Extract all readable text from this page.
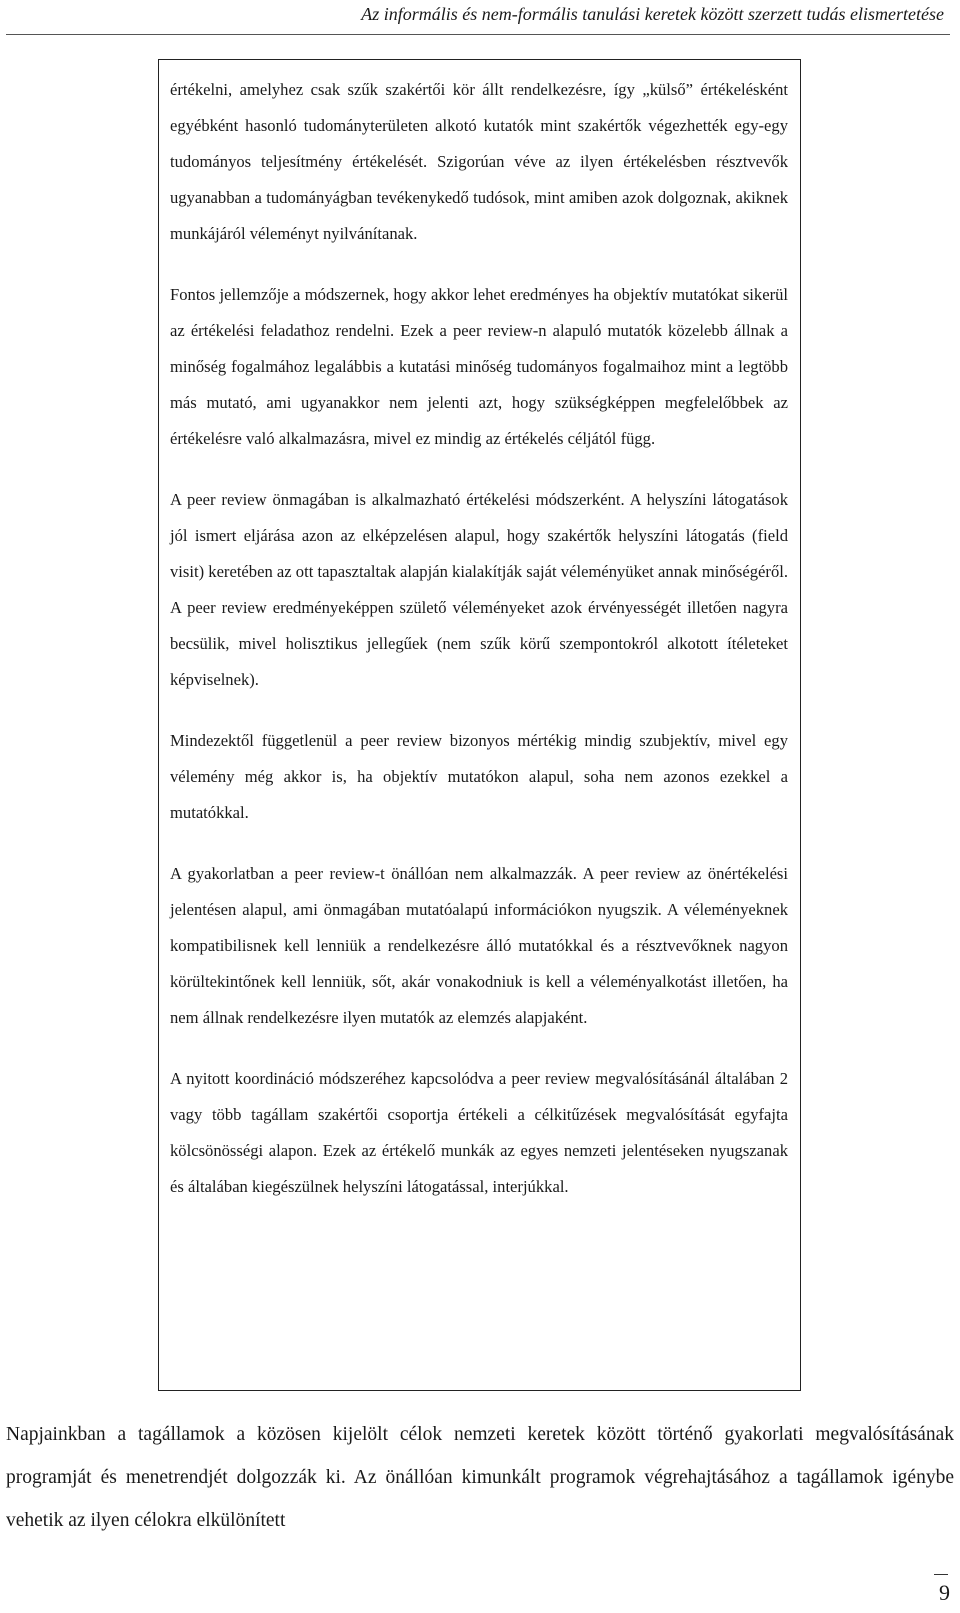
Az informális és nem-formális tanulási keretek között szerzett tudás elismertetése

értékelni, amelyhez csak szűk szakértői kör állt rendelkezésre, így „külső” értékelésként egyébként hasonló tudományterületen alkotó kutatók mint szakértők végezhették egy-egy tudományos teljesítmény értékelését. Szigorúan véve az ilyen értékelésben résztvevők ugyanabban a tudományágban tevékenykedő tudósok, mint amiben azok dolgoznak, akiknek munkájáról véleményt nyilvánítanak.

Fontos jellemzője a módszernek, hogy akkor lehet eredményes ha objektív mutatókat sikerül az értékelési feladathoz rendelni. Ezek a peer review-n alapuló mutatók közelebb állnak a minőség fogalmához legalábbis a kutatási minőség tudományos fogalmaihoz mint a legtöbb más mutató, ami ugyanakkor nem jelenti azt, hogy szükségképpen megfelelőbbek az értékelésre való alkalmazásra, mivel ez mindig az értékelés céljától függ.

A peer review önmagában is alkalmazható értékelési módszerként. A helyszíni látogatások jól ismert eljárása azon az elképzelésen alapul, hogy szakértők helyszíni látogatás (field visit) keretében az ott tapasztaltak alapján kialakítják saját véleményüket annak minőségéről. A peer review eredményeképpen születő véleményeket azok érvényességét illetően nagyra becsülik, mivel holisztikus jellegűek (nem szűk körű szempontokról alkotott ítéleteket képviselnek).

Mindezektől függetlenül a peer review bizonyos mértékig mindig szubjektív, mivel egy vélemény még akkor is, ha objektív mutatókon alapul, soha nem azonos ezekkel a mutatókkal.

A gyakorlatban a peer review-t önállóan nem alkalmazzák. A peer review az önértékelési jelentésen alapul, ami önmagában mutatóalapú információkon nyugszik. A véleményeknek kompatibilisnek kell lenniük a rendelkezésre álló mutatókkal és a résztvevőknek nagyon körültekintőnek kell lenniük, sőt, akár vonakodniuk is kell a véleményalkotást illetően, ha nem állnak rendelkezésre ilyen mutatók az elemzés alapjaként.

A nyitott koordináció módszeréhez kapcsolódva a peer review megvalósításánál általában 2 vagy több tagállam szakértői csoportja értékeli a célkitűzések megvalósítását egyfajta kölcsönösségi alapon. Ezek az értékelő munkák az egyes nemzeti jelentéseken nyugszanak és általában kiegészülnek helyszíni látogatással, interjúkkal.

Napjainkban a tagállamok a közösen kijelölt célok nemzeti keretek között történő gyakorlati megvalósításának programját és menetrendjét dolgozzák ki. Az önállóan kimunkált programok végrehajtásához a tagállamok igénybe vehetik az ilyen célokra elkülönített

9
